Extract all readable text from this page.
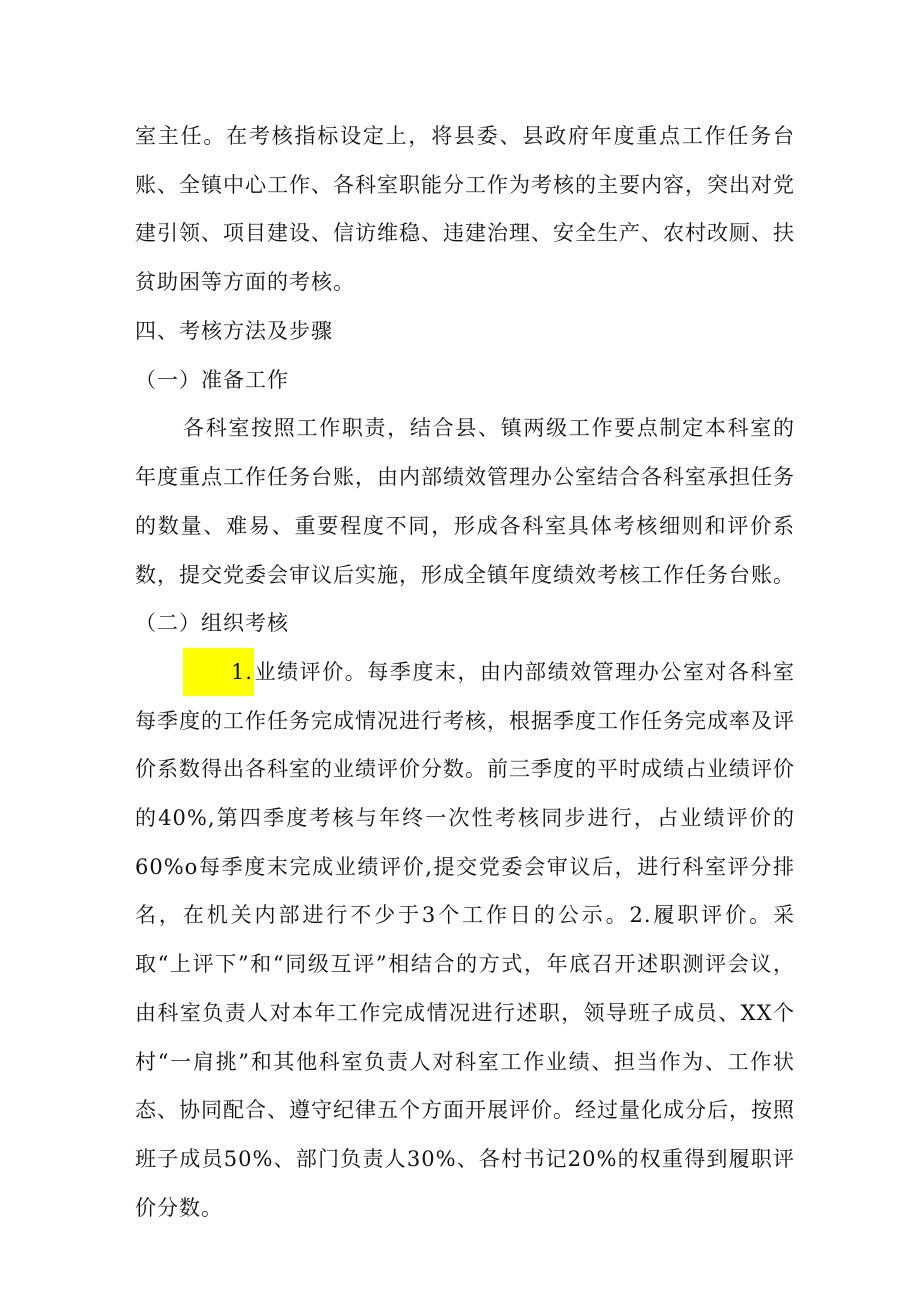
室主任。在考核指标设定上，将县委、县政府年度重点工作任务台账、全镇中心工作、各科室职能分工作为考核的主要内容，突出对党建引领、项目建设、信访维稳、违建治理、安全生产、农村改厕、扶贫助困等方面的考核。

四、考核方法及步骤

（一）准备工作

各科室按照工作职责，结合县、镇两级工作要点制定本科室的年度重点工作任务台账，由内部绩效管理办公室结合各科室承担任务的数量、难易、重要程度不同，形成各科室具体考核细则和评价系数，提交党委会审议后实施，形成全镇年度绩效考核工作任务台账。

（二）组织考核

1.业绩评价。每季度末，由内部绩效管理办公室对各科室每季度的工作任务完成情况进行考核，根据季度工作任务完成率及评价系数得出各科室的业绩评价分数。前三季度的平时成绩占业绩评价的40%,第四季度考核与年终一次性考核同步进行，占业绩评价的60%o每季度末完成业绩评价,提交党委会审议后，进行科室评分排名，在机关内部进行不少于3个工作日的公示。2.履职评价。采取“上评下”和“同级互评”相结合的方式，年底召开述职测评会议，由科室负责人对本年工作完成情况进行述职，领导班子成员、XX个村“一肩挑”和其他科室负责人对科室工作业绩、担当作为、工作状态、协同配合、遵守纪律五个方面开展评价。经过量化成分后，按照班子成员50%、部门负责人30%、各村书记20%的权重得到履职评价分数。
